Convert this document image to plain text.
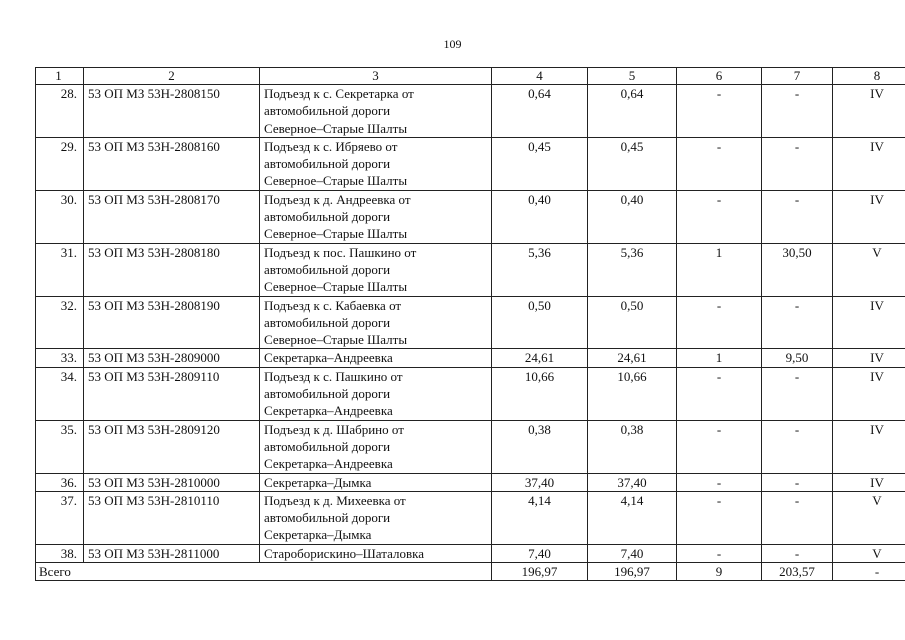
109
1	2	3	4	5	6	7	8
28.	53 ОП МЗ 53Н-2808150	Подъезд к с. Секретарка от
автомобильной дороги
Северное–Старые Шалты	0,64	0,64	-	-	IV
29.	53 ОП МЗ 53Н-2808160	Подъезд к с. Ибряево от
автомобильной дороги
Северное–Старые Шалты	0,45	0,45	-	-	IV
30.	53 ОП МЗ 53Н-2808170	Подъезд к д. Андреевка от
автомобильной дороги
Северное–Старые Шалты	0,40	0,40	-	-	IV
31.	53 ОП МЗ 53Н-2808180	Подъезд к пос. Пашкино от
автомобильной дороги
Северное–Старые Шалты	5,36	5,36	1	30,50	V
32.	53 ОП МЗ 53Н-2808190	Подъезд к с. Кабаевка от
автомобильной дороги
Северное–Старые Шалты	0,50	0,50	-	-	IV
33.	53 ОП МЗ 53Н-2809000	Секретарка–Андреевка	24,61	24,61	1	9,50	IV
34.	53 ОП МЗ 53Н-2809110	Подъезд к с. Пашкино от
автомобильной дороги
Секретарка–Андреевка	10,66	10,66	-	-	IV
35.	53 ОП МЗ 53Н-2809120	Подъезд к д. Шабрино от
автомобильной дороги
Секретарка–Андреевка	0,38	0,38	-	-	IV
36.	53 ОП МЗ 53Н-2810000	Секретарка–Дымка	37,40	37,40	-	-	IV
37.	53 ОП МЗ 53Н-2810110	Подъезд к д. Михеевка от
автомобильной дороги
Секретарка–Дымка	4,14	4,14	-	-	V
38.	53 ОП МЗ 53Н-2811000	Староборискино–Шаталовка	7,40	7,40	-	-	V
Всего			196,97	196,97	9	203,57	-
